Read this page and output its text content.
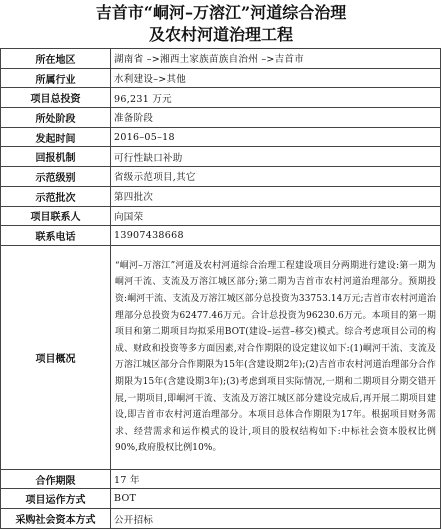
吉首市“峒河–万溶江”河道综合治理
及农村河道治理工程
所在地区	湖南省 –>湘西土家族苗族自治州 –>吉首市
所属行业	水利建设–>其他
项目总投资	96,231 万元
所处阶段	准备阶段
发起时间	2016–05–18
回报机制	可行性缺口补助
示范级别	省级示范项目,其它
示范批次	第四批次
项目联系人	向国荣
联系电话	13907438668
项目概况	“峒河–万溶江”河道及农村河道综合治理工程建设项目分两期进行建设:第一期为峒河干流、支流及万溶江城区部分;第二期为吉首市农村河道治理部分。预期投资:峒河干流、支流及万溶江城区部分总投资为33753.14万元;吉首市农村河道治理部分总投资为62477.46万元。合计总投资为96230.6万元。本项目的第一期项目和第二期项目均拟采用BOT(建设–运营–移交)模式。综合考虑项目公司的构成、财政和投资等多方面因素,对合作期限的设定建议如下:(1)峒河干流、支流及万溶江城区部分合作期限为15年(含建设期2年);(2)吉首市农村河道治理部分合作期限为15年(含建设期3年);(3)考虑到项目实际情况,一期和二期项目分期交错开展,一期项目,即峒河干流、支流及万溶江城区部分建设完成后,再开展二期项目建设,即吉首市农村河道治理部分。本项目总体合作期限为17年。根据项目财务需求、经营需求和运作模式的设计,项目的股权结构如下:中标社会资本股权比例90%,政府股权比例10%。
合作期限	17 年
项目运作方式	BOT
采购社会资本方式	公开招标
